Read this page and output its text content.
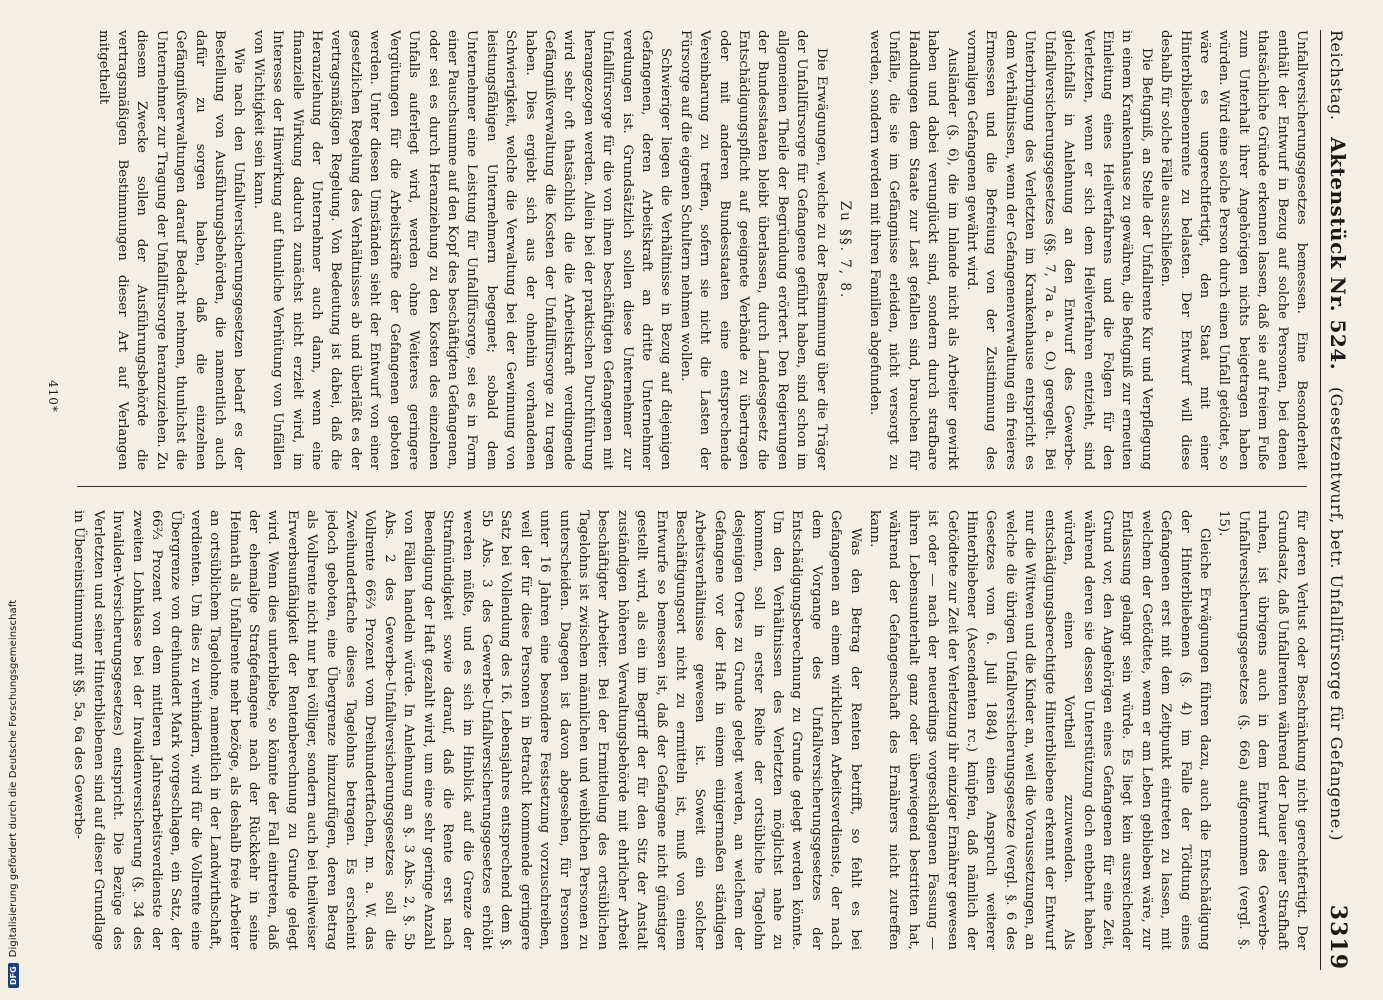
DFG
Digitalisierung gefördert durch die Deutsche Forschungsgemeinschaft
Reichstag.   Aktenstück Nr. 524.   (Gesetzentwurf, betr. Unfallfürsorge für Gefangene.)
3319

Unfallversicherungsgesetzes bemessen. Eine Besonderheit enthält der Entwurf in Bezug auf solche Personen, bei denen thatsächliche Gründe erkennen lassen, daß sie auf freiem Fuße zum Unterhalt ihrer Angehörigen nichts beigetragen haben würden. Wird eine solche Person durch einen Unfall getödtet, so wäre es ungerechtfertigt, den Staat mit einer Hinterbliebenenrente zu belasten. Der Entwurf will diese deshalb für solche Fälle ausschließen.

Die Befugniß, an Stelle der Unfallrente Kur und Verpflegung in einem Krankenhause zu gewähren, die Befugniß zur erneuten Einleitung eines Heilverfahrens und die Folgen für den Verletzten, wenn er sich dem Heilverfahren entzieht, sind gleichfalls in Anlehnung an den Entwurf des Gewerbe-Unfallversicherungsgesetzes (§§. 7, 7a a. a. O.) geregelt. Bei Unterbringung des Verletzten im Krankenhause entspricht es dem Verhältnissen, wenn der Gefangenenverwaltung ein freieres Ermessen und die Befreiung von der Zustimmung des vormaligen Gefangenen gewährt wird.

Ausländer (§. 6), die im Inlande nicht als Arbeiter gewirkt haben und dabei verunglückt sind, sondern durch strafbare Handlungen dem Staate zur Last gefallen sind, brauchen für Unfälle, die sie im Gefängnisse erleiden, nicht versorgt zu werden, sondern werden mit ihren Familien abgefunden.

Zu §§. 7, 8.

Die Erwägungen, welche zu der Bestimmung über die Träger der Unfallfürsorge für Gefangene geführt haben, sind schon im allgemeinen Theile der Begründung erörtert. Den Regierungen der Bundesstaaten bleibt überlassen, durch Landesgesetz die Entschädigungspflicht auf geeignete Verbände zu übertragen oder mit anderen Bundesstaaten eine entsprechende Vereinbarung zu treffen, sofern sie nicht die Lasten der Fürsorge auf die eigenen Schultern nehmen wollen.

Schwieriger liegen die Verhältnisse in Bezug auf diejenigen Gefangenen, deren Arbeitskraft an dritte Unternehmer verdungen ist. Grundsätzlich sollen diese Unternehmer zur Unfallfürsorge für die von ihnen beschäftigten Gefangenen mit herangezogen werden. Allein bei der praktischen Durchführung wird sehr oft thatsächlich die die Arbeitskraft verdingende Gefängnißverwaltung die Kosten der Unfallfürsorge zu tragen haben. Dies ergiebt sich aus der ohnehin vorhandenen Schwierigkeit, welche die Verwaltung bei der Gewinnung von leistungsfähigen Unternehmern begegnet; sobald dem Unternehmer eine Leistung für Unfallfürsorge, sei es in Form einer Pauschsumme auf den Kopf des beschäftigten Gefangenen, oder sei es durch Heranziehung zu den Kosten des einzelnen Unfalls auferlegt wird, werden ohne Weiteres geringere Vergütungen für die Arbeitskräfte der Gefangenen geboten werden. Unter diesen Umständen sieht der Entwurf von einer gesetzlichen Regelung des Verhältnisses ab und überläßt es der vertragsmäßigen Regelung. Von Bedeutung ist dabei, daß die Heranziehung der Unternehmer auch dann, wenn eine finanzielle Wirkung dadurch zunächst nicht erzielt wird, im Interesse der Hinwirkung auf thunliche Verhütung von Unfällen von Wichtigkeit sein kann.

Wie nach den Unfallversicherungsgesetzen bedarf es der Bestellung von Ausführungsbehörden, die namentlich auch dafür zu sorgen haben, daß die einzelnen Gefängnißverwaltungen darauf Bedacht nehmen, thunlichst die Unternehmer zur Tragung der Unfallfürsorge heranzuziehen. Zu diesem Zwecke sollen der Ausführungsbehörde die vertragsmäßigen Bestimmungen dieser Art auf Verlangen mitgetheilt

für deren Verlust oder Beschränkung nicht gerechtfertigt. Der Grundsatz, daß Unfallrenten während der Dauer einer Strafhaft ruhen, ist übrigens auch in dem Entwurf des Gewerbe-Unfallversicherungsgesetzes (§. 66a) aufgenommen (vergl. §. 15).

Gleiche Erwägungen führen dazu, auch die Entschädigung der Hinterbliebenen (§. 4) im Falle der Tödtung eines Gefangenen erst mit dem Zeitpunkt eintreten zu lassen, mit welchem der Getödtete, wenn er am Leben geblieben wäre, zur Entlassung gelangt sein würde. Es liegt kein ausreichender Grund vor, den Angehörigen eines Gefangenen für eine Zeit, während deren sie dessen Unterstützung doch entbehrt haben würden, einen Vortheil zuzuwenden. Als entschädigungsberechtigte Hinterbliebene erkennt der Entwurf nur die Wittwen und die Kinder an, weil die Voraussetzungen, an welche die übrigen Unfallversicherungsgesetze (vergl. §. 6 des Gesetzes vom 6. Juli 1884) einen Anspruch weiterer Hinterbliebener (Ascendenten rc.) knüpfen, daß nämlich der Getödtete zur Zeit der Verletzung ihr einziger Ernährer gewesen ist oder — nach der neuerdings vorgeschlagenen Fassung — ihren Lebensunterhalt ganz oder überwiegend bestritten hat, während der Gefangenschaft des Ernährers nicht zutreffen kann.

Was den Betrag der Renten betrifft, so fehlt es bei Gefangenen an einem wirklichen Arbeitsverdienste, der nach dem Vorgange des Unfallversicherungsgesetzes der Entschädigungsberechnung zu Grunde gelegt werden könnte. Um den Verhältnissen des Verletzten möglichst nahe zu kommen, soll in erster Reihe der ortsübliche Tagelohn desjenigen Ortes zu Grunde gelegt werden, an welchem der Gefangene vor der Haft in einem einigermaßen ständigen Arbeitsverhältnisse gewesen ist. Soweit ein solcher Beschäftigungsort nicht zu ermitteln ist, muß von einem Entwurfe so bemessen ist, daß der Gefangene nicht günstiger gestellt wird, als ein im Begriff der für den Sitz der Anstalt zuständigen höheren Verwaltungsbehörde mit ehrlicher Arbeit beschäftigter Arbeiter. Bei der Ermittelung des ortsüblichen Tagelohns ist zwischen männlichen und weiblichen Personen zu unterscheiden. Dagegen ist davon abgesehen, für Personen unter 16 Jahren eine besondere Festsetzung vorzuschreiben, weil der für diese Personen in Betracht kommende geringere Satz bei Vollendung des 16. Lebensjahres entsprechend dem §. 5b Abs. 3 des Gewerbe-Unfallversicherungsgesetzes erhöht werden müßte, und es sich im Hinblick auf die Grenze der Strafmündigkeit sowie darauf, daß die Rente erst nach Beendigung der Haft gezahlt wird, um eine sehr geringe Anzahl von Fällen handeln würde. In Anlehnung an §. 3 Abs. 2, §. 5b Abs. 2 des Gewerbe-Unfallversicherungsgesetzes soll die Vollrente 66⅔ Prozent vom Dreihundertfachen, m. a. W. das Zweihundertfache dieses Tagelohns betragen. Es erscheint jedoch geboten, eine Übergrenze hinzuzufügen, deren Betrag als Vollrente nicht nur bei völliger, sondern auch bei theilweiser Erwerbsunfähigkeit der Rentenberechnung zu Grunde gelegt wird. Wenn dies unterbliebe, so könnte der Fall eintreten, daß der ehemalige Strafgefangene nach der Rückkehr in seine Heimath als Unfallrente mehr bezöge, als deshalb freie Arbeiter an ortsüblichem Tagelohne, namentlich in der Landwirthschaft, verdienten. Um dies zu verhindern, wird für die Vollrente eine Übergrenze von dreihundert Mark vorgeschlagen, ein Satz, der 66⅔ Prozent von dem mittleren Jahresarbeitsverdienste der zweiten Lohnklasse bei der Invalidenversicherung (§. 34 des Invaliden-Versicherungsgesetzes) entspricht. Die Bezüge des Verletzten und seiner Hinterbliebenen sind auf dieser Grundlage in Übereinstimmung mit §§. 5a, 6a des Gewerbe-

410*
